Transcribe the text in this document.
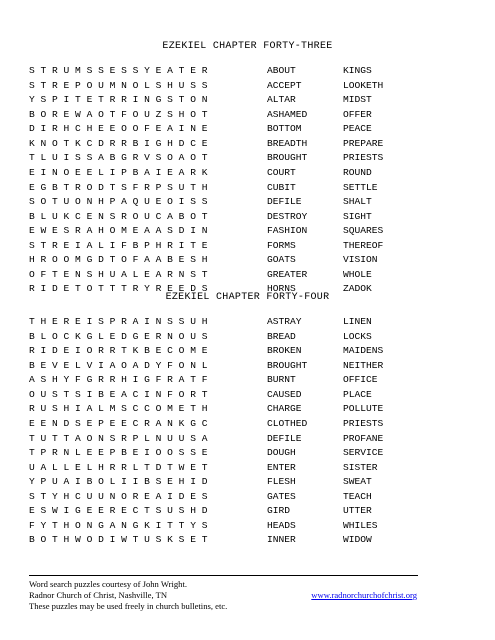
EZEKIEL CHAPTER FORTY-THREE
S T R U M S S E S S Y E A T E R
S T R E P O U M N O L S H U S S
Y S P I T E T R R I N G S T O N
B O R E W A O T F O U Z S H O T
D I R H C H E E O O F E A I N E
K N O T K C D R R B I G H D C E
T L U I S S A B G R V S O A O T
E I N O E E L I P B A I E A R K
E G B T R O D T S F R P S U T H
S O T U O N H P A Q U E O I S S
B L U K C E N S R O U C A B O T
E W E S R A H O M E A A S D I N
S T R E I A L I F B P H R I T E
H R O O M G D T O F A A B E S H
O F T E N S H U A L E A R N S T
R I D E T O T T T R Y R E E D S
ABOUT
ACCEPT
ALTAR
ASHAMED
BOTTOM
BREADTH
BROUGHT
COURT
CUBIT
DEFILE
DESTROY
FASHION
FORMS
GOATS
GREATER
HORNS
KINGS
LOOKETH
MIDST
OFFER
PEACE
PREPARE
PRIESTS
ROUND
SETTLE
SHALT
SIGHT
SQUARES
THEREOF
VISION
WHOLE
ZADOK
EZEKIEL CHAPTER FORTY-FOUR
T H E R E I S P R A I N S S U H
B L O C K G L E D G E R N O U S
R I D E I O R R T K B E C O M E
B E V E L V I A O A D Y F O N L
A S H Y F G R R H I G F R A T F
O U S T S I B E A C I N F O R T
R U S H I A L M S C C O M E T H
E E N D S E P E E C R A N K G C
T U T T A O N S R P L N U U S A
T P R N L E E P B E I O O S S E
U A L L E L H R R L T D T W E T
Y P U A I B O L I I B S E H I D
S T Y H C U U N O R E A I D E S
E S W I G E E R E C T S U S H D
F Y T H O N G A N G K I T T Y S
B O T H W O D I W T U S K S E T
ASTRAY
BREAD
BROKEN
BROUGHT
BURNT
CAUSED
CHARGE
CLOTHED
DEFILE
DOUGH
ENTER
FLESH
GATES
GIRD
HEADS
INNER
LINEN
LOCKS
MAIDENS
NEITHER
OFFICE
PLACE
POLLUTE
PRIESTS
PROFANE
SERVICE
SISTER
SWEAT
TEACH
UTTER
WHILES
WIDOW
Word search puzzles courtesy of John Wright.
Radnor Church of Christ, Nashville, TN	www.radnorchurchofchrist.org
These puzzles may be used freely in church bulletins, etc.
